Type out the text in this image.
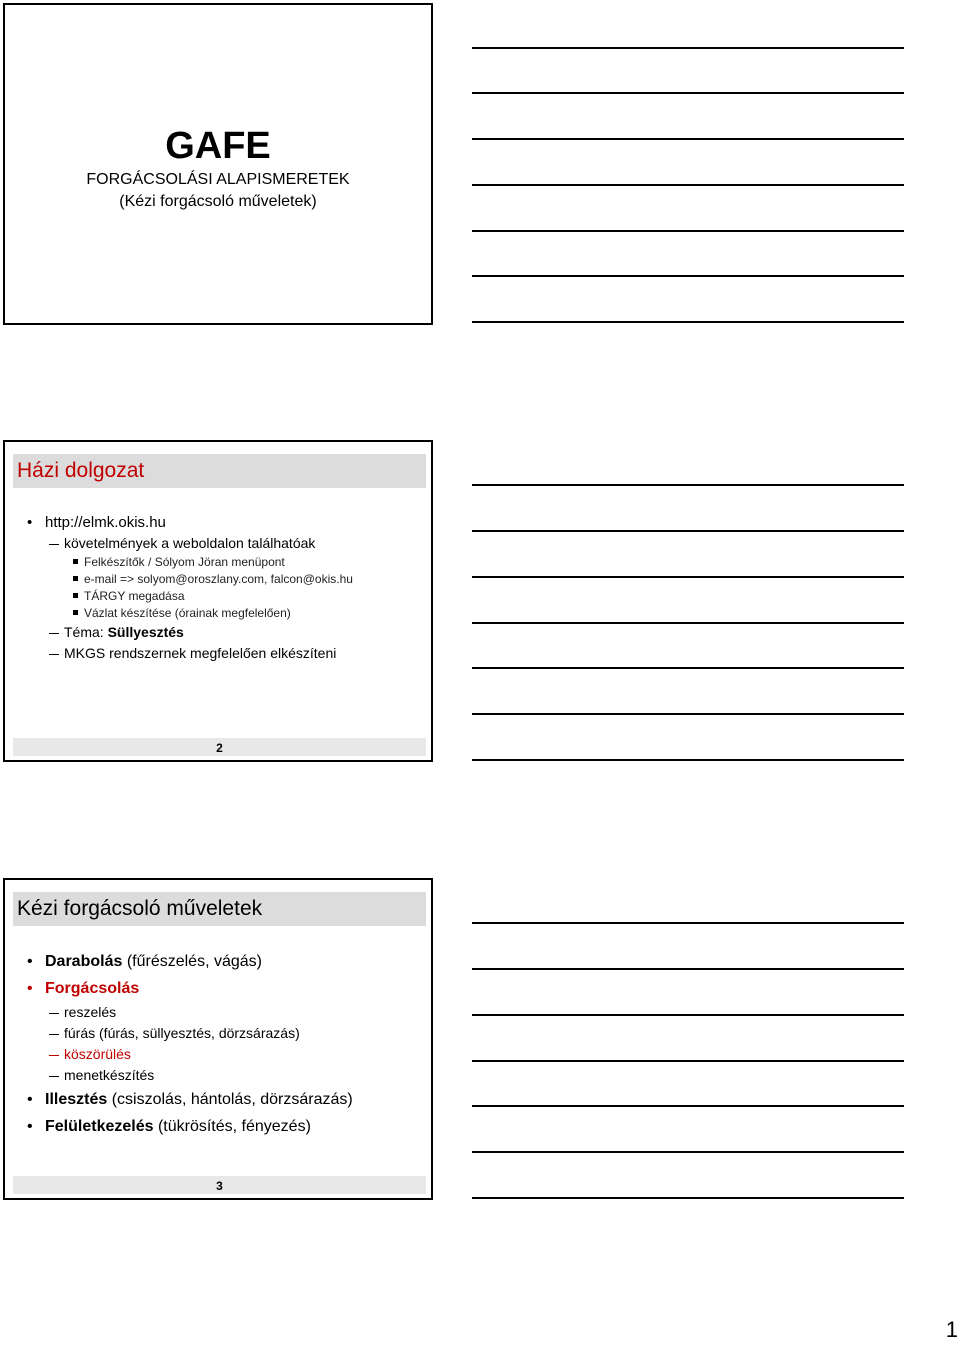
GAFE
FORGÁCSOLÁSI ALAPISMERETEK
(Kézi forgácsoló műveletek)
Házi dolgozat
• http://elmk.okis.hu
követelmények a weboldalon találhatóak
Felkészítők / Sólyom Jöran menüpont
e-mail => solyom@oroszlany.com, falcon@okis.hu
TÁRGY megadása
Vázlat készítése (órainak megfelelően)
Téma: Süllyesztés
MKGS rendszernek megfelelően elkészíteni
2
Kézi forgácsoló műveletek
• Darabolás (fűrészelés, vágás)
• Forgácsolás
reszelés
fúrás (fúrás, süllyesztés, dörzsárazás)
köszörülés
menetkészítés
• Illesztés (csiszolás, hántolás, dörzsárazás)
• Felületkezelés (tükrösítés, fényezés)
3
1
